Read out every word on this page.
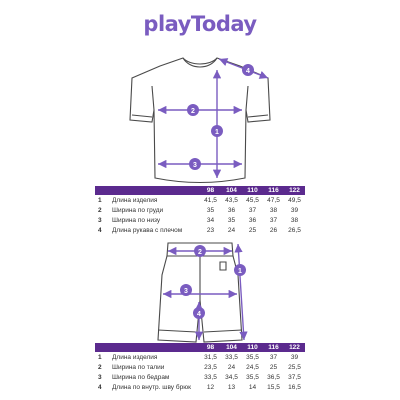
playToday
1
2
3
4
1
2
3
4
		98	104	110	116	122
1	Длина изделия	41,5	43,5	45,5	47,5	49,5
2	Ширина по груди	35	36	37	38	39
3	Ширина по низу	34	35	36	37	38
4	Длина рукава с плечом	23	24	25	26	26,5
		98	104	110	116	122
1	Длина изделия	31,5	33,5	35,5	37	39
2	Ширина по талии	23,5	24	24,5	25	25,5
3	Ширина по бедрам	33,5	34,5	35,5	36,5	37,5
4	Длина по внутр. шву брюк	12	13	14	15,5	16,5
